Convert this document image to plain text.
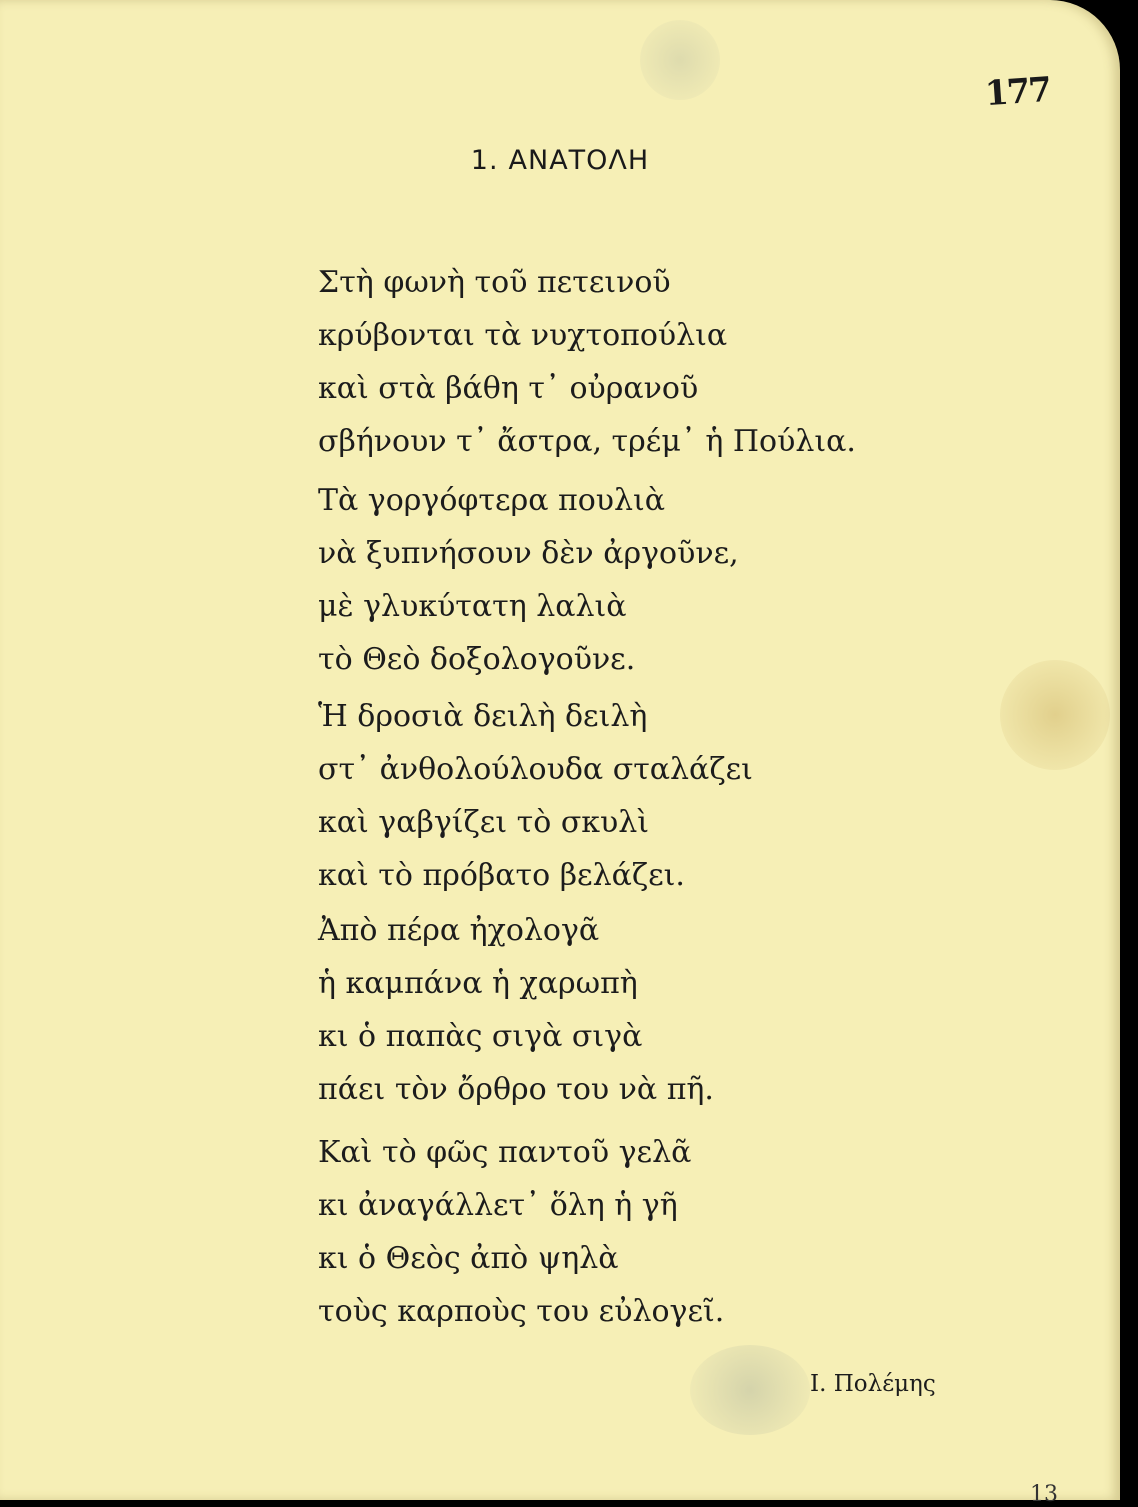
177
1. ΑΝΑΤΟΛΗ
Στὴ φωνὴ τοῦ πετεινοῦ
κρύβονται τὰ νυχτοπούλια
καὶ στὰ βάθη τ᾿ οὐρανοῦ
σβήνουν τ᾿ ἄστρα, τρέμ᾿ ἡ Πούλια.
Τὰ γοργόφτερα πουλιὰ
νὰ ξυπνήσουν δὲν ἀργοῦνε,
μὲ γλυκύτατη λαλιὰ
τὸ Θεὸ δοξολογοῦνε.
Ἡ δροσιὰ δειλὴ δειλὴ
στ᾿ ἀνθολούλουδα σταλάζει
καὶ γαβγίζει τὸ σκυλὶ
καὶ τὸ πρόβατο βελάζει.
Ἀπὸ πέρα ἠχολογᾶ
ἡ καμπάνα ἡ χαρωπὴ
κι ὁ παπὰς σιγὰ σιγὰ
πάει τὸν ὄρθρο του νὰ πῆ.
Καὶ τὸ φῶς παντοῦ γελᾶ
κι ἀναγάλλετ᾿ ὅλη ἡ γῆ
κι ὁ Θεὸς ἀπὸ ψηλὰ
τοὺς καρποὺς του εὐλογεῖ.
Ι. Πολέμης
13
